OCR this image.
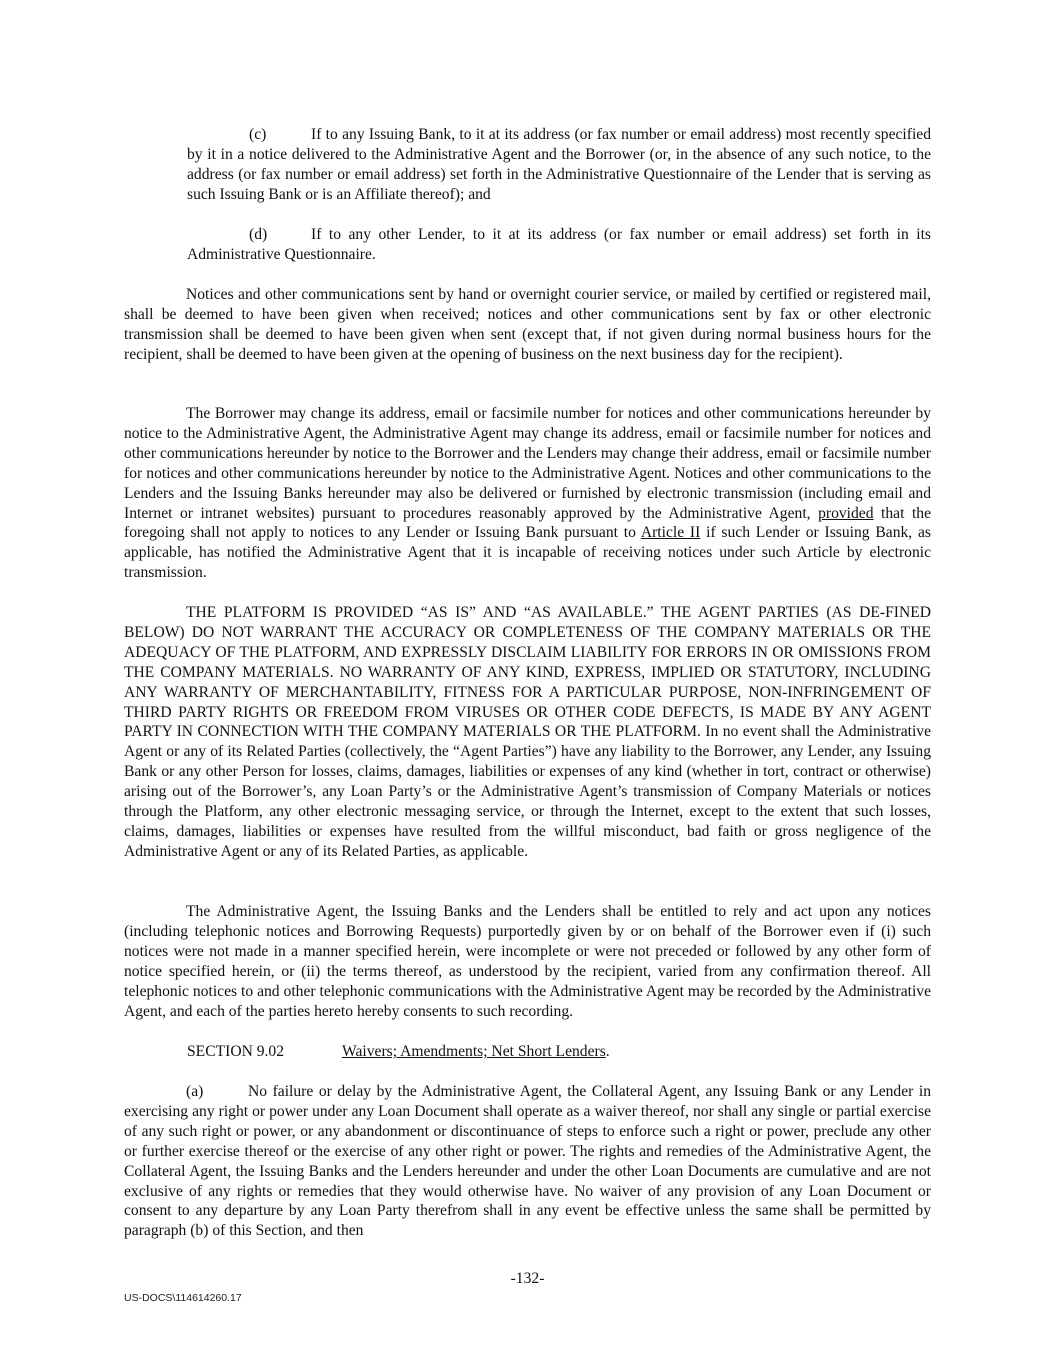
(c)	If to any Issuing Bank, to it at its address (or fax number or email address) most recently specified by it in a notice delivered to the Administrative Agent and the Borrower (or, in the absence of any such notice, to the address (or fax number or email address) set forth in the Administrative Questionnaire of the Lender that is serving as such Issuing Bank or is an Affiliate thereof); and

(d)	If to any other Lender, to it at its address (or fax number or email address) set forth in its Administrative Questionnaire.

Notices and other communications sent by hand or overnight courier service, or mailed by certified or registered mail, shall be deemed to have been given when received; notices and other communications sent by fax or other electronic transmission shall be deemed to have been given when sent (except that, if not given during normal business hours for the recipient, shall be deemed to have been given at the opening of business on the next business day for the recipient).

The Borrower may change its address, email or facsimile number for notices and other communications hereunder by notice to the Administrative Agent, the Administrative Agent may change its address, email or facsimile number for notices and other communications hereunder by notice to the Borrower and the Lenders may change their address, email or facsimile number for notices and other communications hereunder by notice to the Administrative Agent. Notices and other communications to the Lenders and the Issuing Banks hereunder may also be delivered or furnished by electronic transmission (including email and Internet or intranet websites) pursuant to procedures reasonably approved by the Administrative Agent, provided that the foregoing shall not apply to notices to any Lender or Issuing Bank pursuant to Article II if such Lender or Issuing Bank, as applicable, has notified the Administrative Agent that it is incapable of receiving notices under such Article by electronic transmission.

THE PLATFORM IS PROVIDED “AS IS” AND “AS AVAILABLE.” THE AGENT PARTIES (AS DE-FINED BELOW) DO NOT WARRANT THE ACCURACY OR COMPLETENESS OF THE COMPANY MATERIALS OR THE ADEQUACY OF THE PLATFORM, AND EXPRESSLY DISCLAIM LIABILITY FOR ERRORS IN OR OMISSIONS FROM THE COMPANY MATERIALS. NO WARRANTY OF ANY KIND, EXPRESS, IMPLIED OR STATUTORY, INCLUDING ANY WARRANTY OF MERCHANTABILITY, FITNESS FOR A PARTICULAR PURPOSE, NON-INFRINGEMENT OF THIRD PARTY RIGHTS OR FREEDOM FROM VIRUSES OR OTHER CODE DEFECTS, IS MADE BY ANY AGENT PARTY IN CONNECTION WITH THE COMPANY MATERIALS OR THE PLATFORM. In no event shall the Administrative Agent or any of its Related Parties (collectively, the “Agent Parties”) have any liability to the Borrower, any Lender, any Issuing Bank or any other Person for losses, claims, damages, liabilities or expenses of any kind (whether in tort, contract or otherwise) arising out of the Borrower’s, any Loan Party’s or the Administrative Agent’s transmission of Company Materials or notices through the Platform, any other electronic messaging service, or through the Internet, except to the extent that such losses, claims, damages, liabilities or expenses have resulted from the willful misconduct, bad faith or gross negligence of the Administrative Agent or any of its Related Parties, as applicable.

The Administrative Agent, the Issuing Banks and the Lenders shall be entitled to rely and act upon any notices (including telephonic notices and Borrowing Requests) purportedly given by or on behalf of the Borrower even if (i) such notices were not made in a manner specified herein, were incomplete or were not preceded or followed by any other form of notice specified herein, or (ii) the terms thereof, as understood by the recipient, varied from any confirmation thereof. All telephonic notices to and other telephonic communications with the Administrative Agent may be recorded by the Administrative Agent, and each of the parties hereto hereby consents to such recording.

SECTION 9.02	Waivers; Amendments; Net Short Lenders.

(a)	No failure or delay by the Administrative Agent, the Collateral Agent, any Issuing Bank or any Lender in exercising any right or power under any Loan Document shall operate as a waiver thereof, nor shall any single or partial exercise of any such right or power, or any abandonment or discontinuance of steps to enforce such a right or power, preclude any other or further exercise thereof or the exercise of any other right or power. The rights and remedies of the Administrative Agent, the Collateral Agent, the Issuing Banks and the Lenders hereunder and under the other Loan Documents are cumulative and are not exclusive of any rights or remedies that they would otherwise have. No waiver of any provision of any Loan Document or consent to any departure by any Loan Party therefrom shall in any event be effective unless the same shall be permitted by paragraph (b) of this Section, and then

-132-
US-DOCS\114614260.17
